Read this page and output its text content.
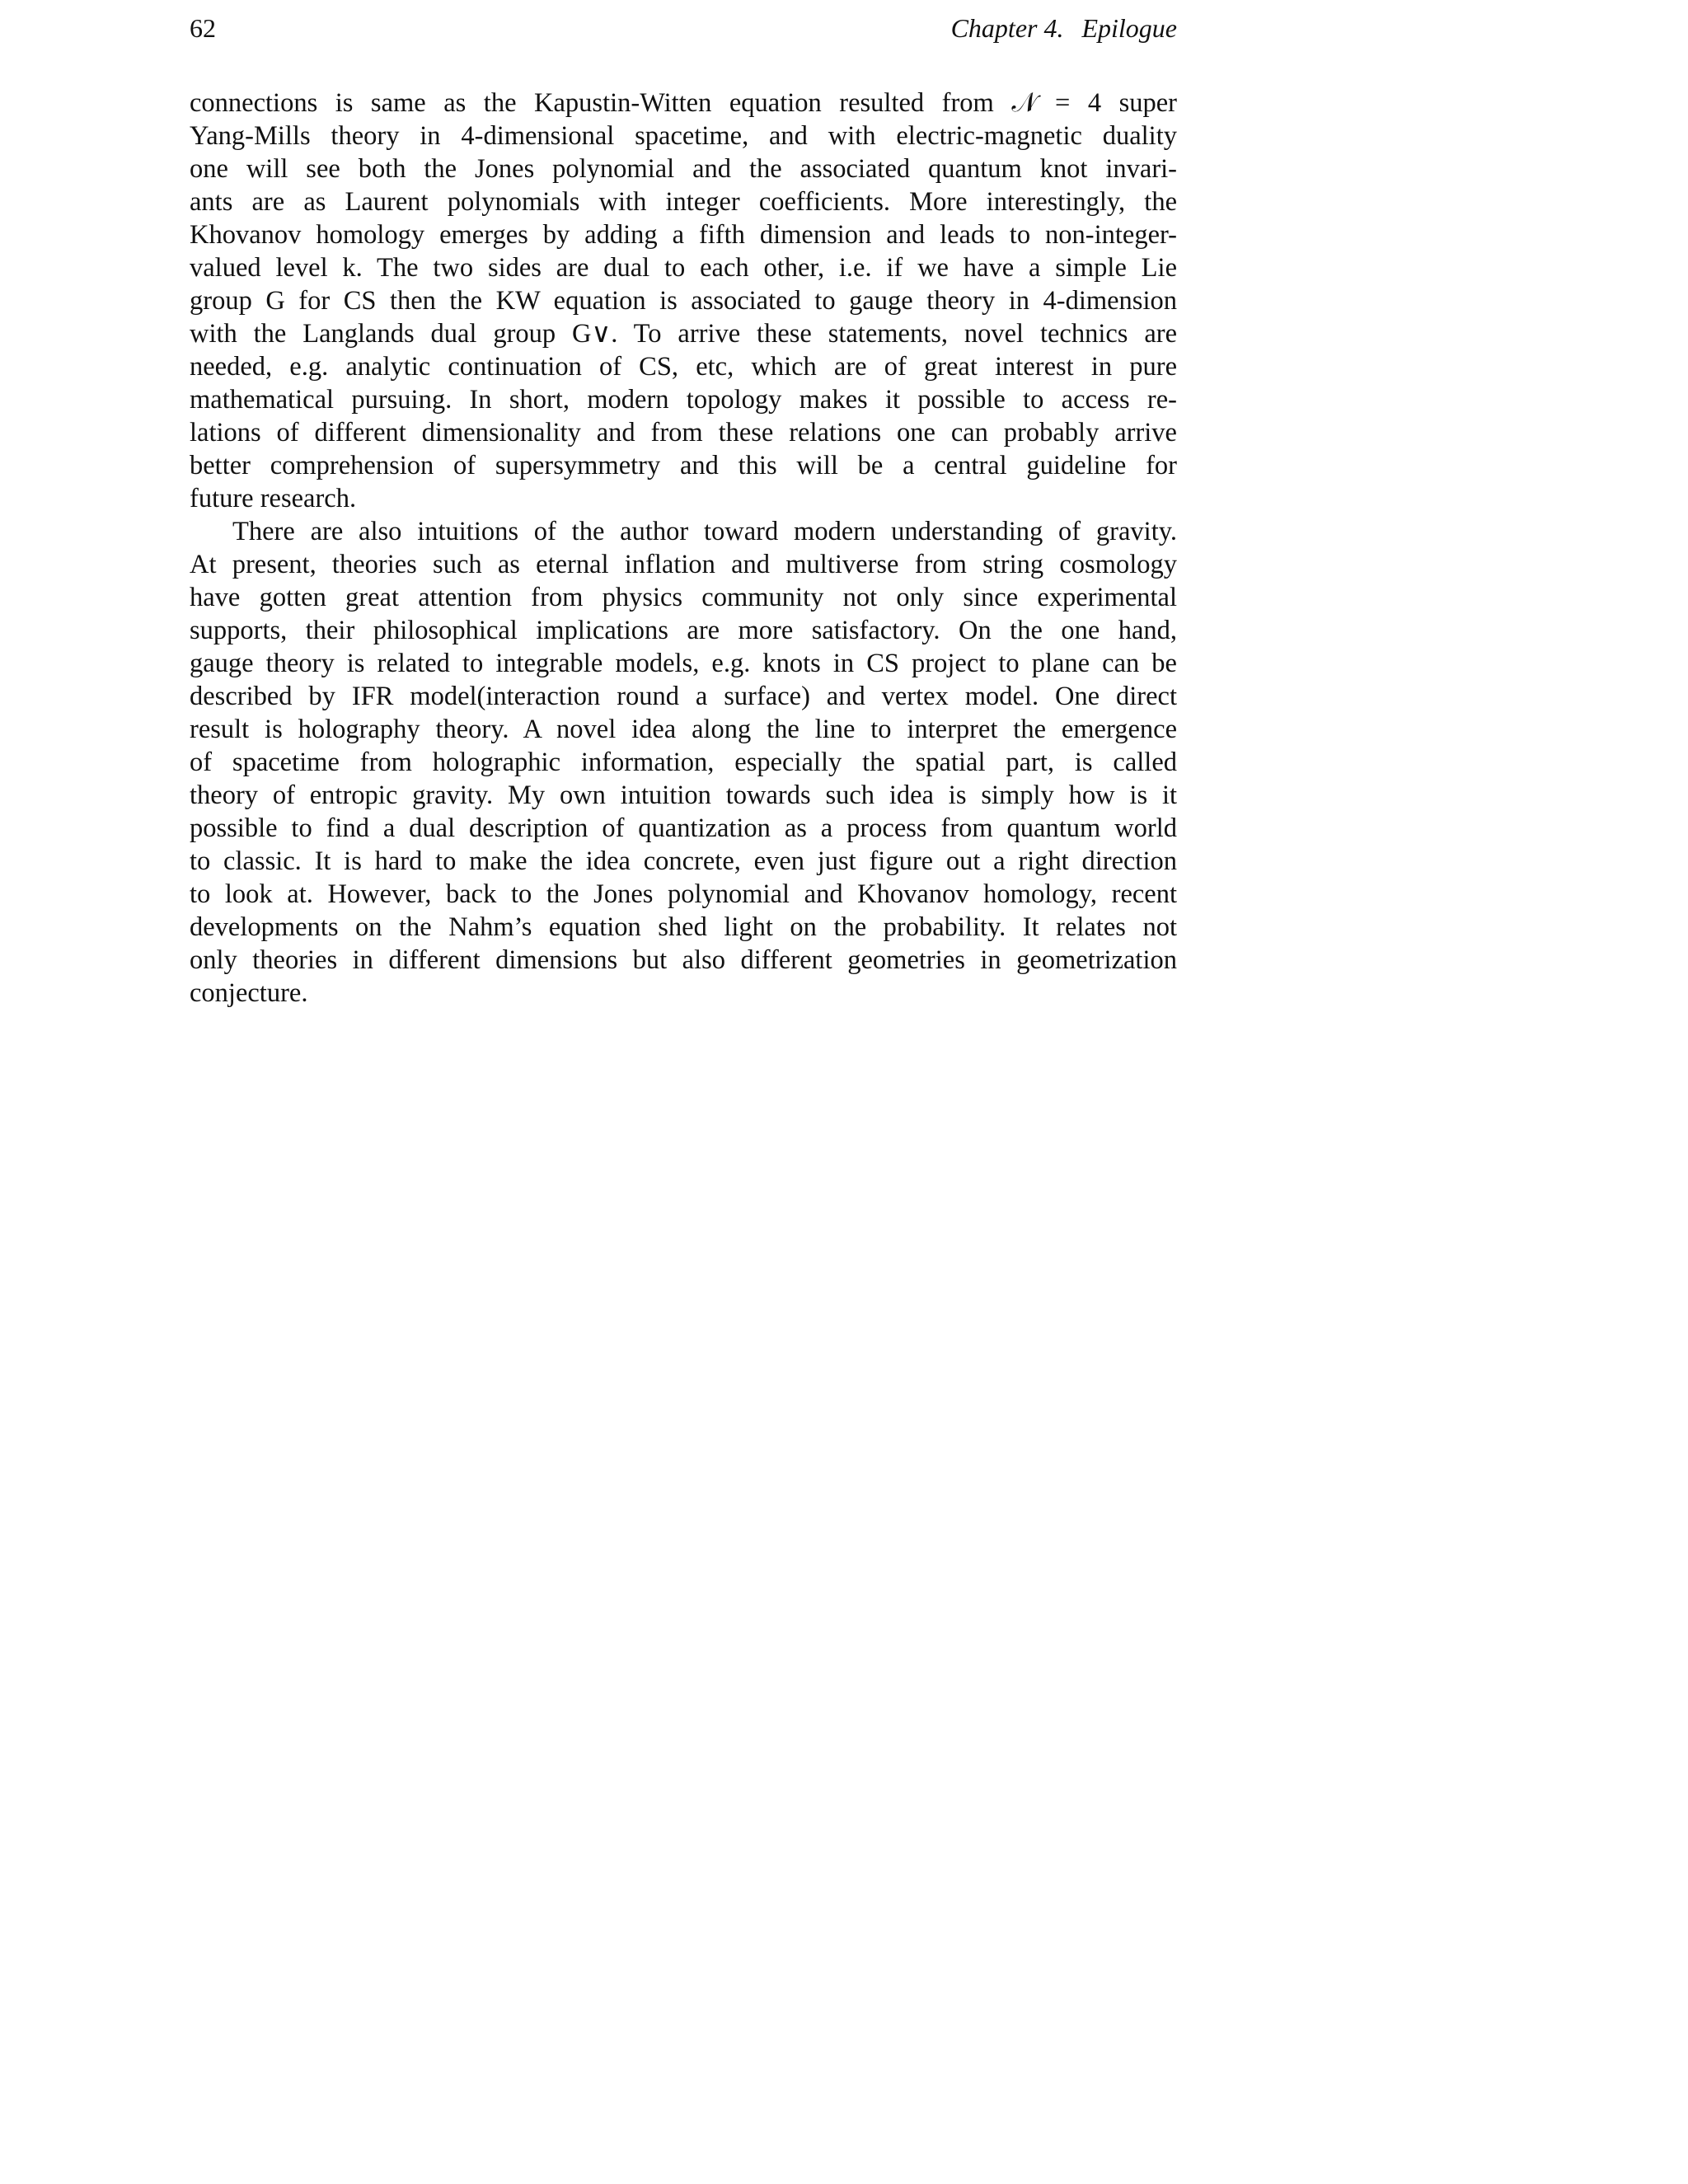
62	Chapter 4. Epilogue

connections is same as the Kapustin-Witten equation resulted from 𝒩 = 4 super
Yang-Mills theory in 4-dimensional spacetime, and with electric-magnetic duality
one will see both the Jones polynomial and the associated quantum knot invari-
ants are as Laurent polynomials with integer coefficients. More interestingly, the
Khovanov homology emerges by adding a fifth dimension and leads to non-integer-
valued level k. The two sides are dual to each other, i.e. if we have a simple Lie
group G for CS then the KW equation is associated to gauge theory in 4-dimension
with the Langlands dual group G∨. To arrive these statements, novel technics are
needed, e.g. analytic continuation of CS, etc, which are of great interest in pure
mathematical pursuing. In short, modern topology makes it possible to access re-
lations of different dimensionality and from these relations one can probably arrive
better comprehension of supersymmetry and this will be a central guideline for
future research.

There are also intuitions of the author toward modern understanding of gravity.
At present, theories such as eternal inflation and multiverse from string cosmology
have gotten great attention from physics community not only since experimental
supports, their philosophical implications are more satisfactory. On the one hand,
gauge theory is related to integrable models, e.g. knots in CS project to plane can be
described by IFR model(interaction round a surface) and vertex model. One direct
result is holography theory. A novel idea along the line to interpret the emergence
of spacetime from holographic information, especially the spatial part, is called
theory of entropic gravity. My own intuition towards such idea is simply how is it
possible to find a dual description of quantization as a process from quantum world
to classic. It is hard to make the idea concrete, even just figure out a right direction
to look at. However, back to the Jones polynomial and Khovanov homology, recent
developments on the Nahm’s equation shed light on the probability. It relates not
only theories in different dimensions but also different geometries in geometrization
conjecture.
